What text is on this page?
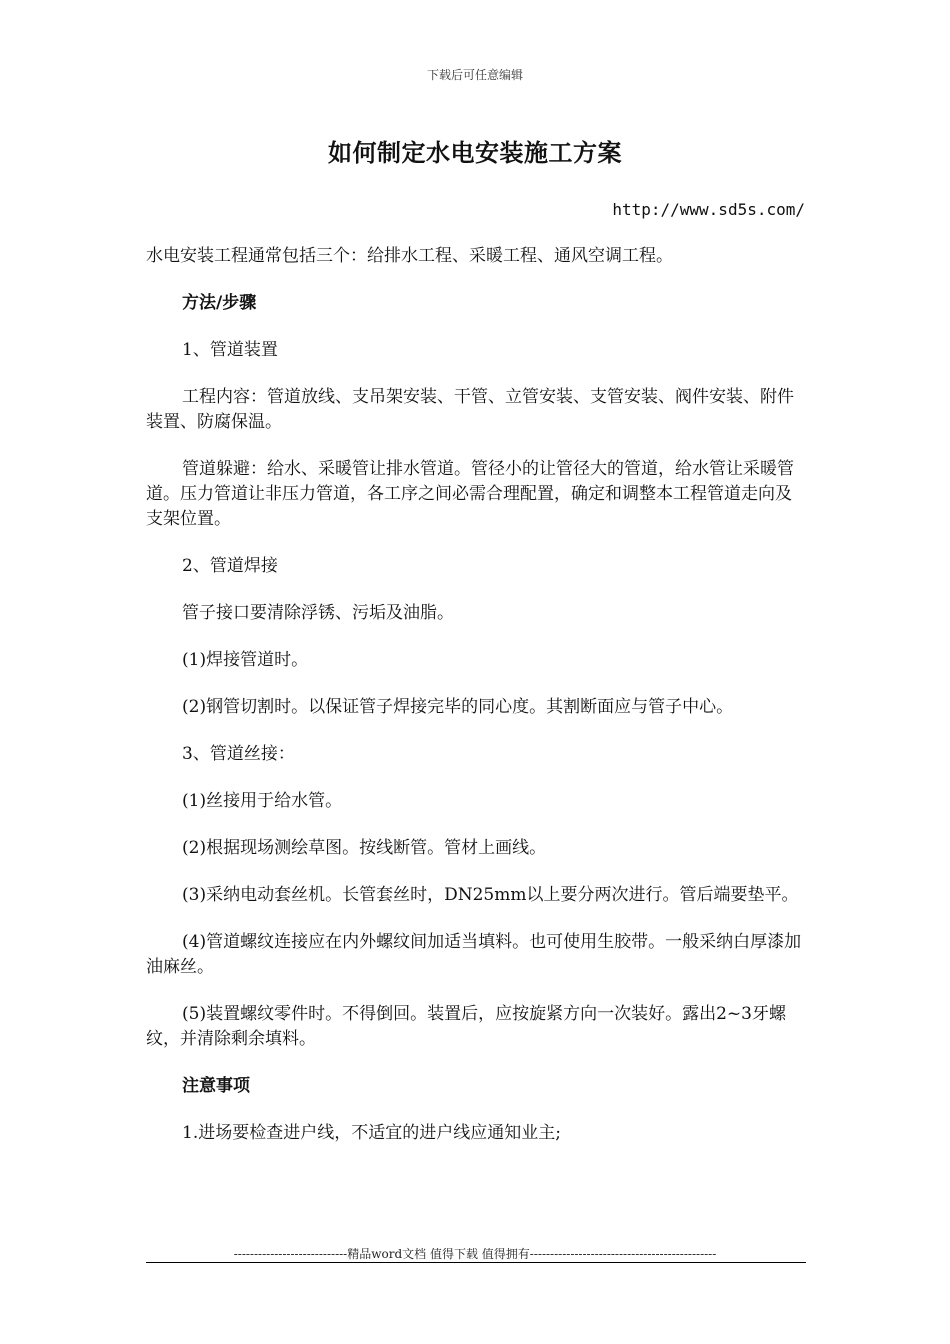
下载后可任意编辑
如何制定水电安装施工方案
http://www.sd5s.com/

水电安装工程通常包括三个：给排水工程、采暖工程、通风空调工程。

方法/步骤

1、管道装置

工程内容：管道放线、支吊架安装、干管、立管安装、支管安装、阀件安装、附件装置、防腐保温。

管道躲避：给水、采暖管让排水管道。管径小的让管径大的管道，给水管让采暖管道。压力管道让非压力管道，各工序之间必需合理配置，确定和调整本工程管道走向及支架位置。

2、管道焊接

管子接口要清除浮锈、污垢及油脂。

(1)焊接管道时。

(2)钢管切割时。以保证管子焊接完毕的同心度。其割断面应与管子中心。

3、管道丝接：

(1)丝接用于给水管。

(2)根据现场测绘草图。按线断管。管材上画线。

(3)采纳电动套丝机。长管套丝时，DN25mm以上要分两次进行。管后端要垫平。

(4)管道螺纹连接应在内外螺纹间加适当填料。也可使用生胶带。一般采纳白厚漆加油麻丝。

(5)装置螺纹零件时。不得倒回。装置后，应按旋紧方向一次装好。露出2~3牙螺纹，并清除剩余填料。

注意事项

1.进场要检查进户线，不适宜的进户线应通知业主;

----------------------------精品word文档 值得下载 值得拥有----------------------------------------------
